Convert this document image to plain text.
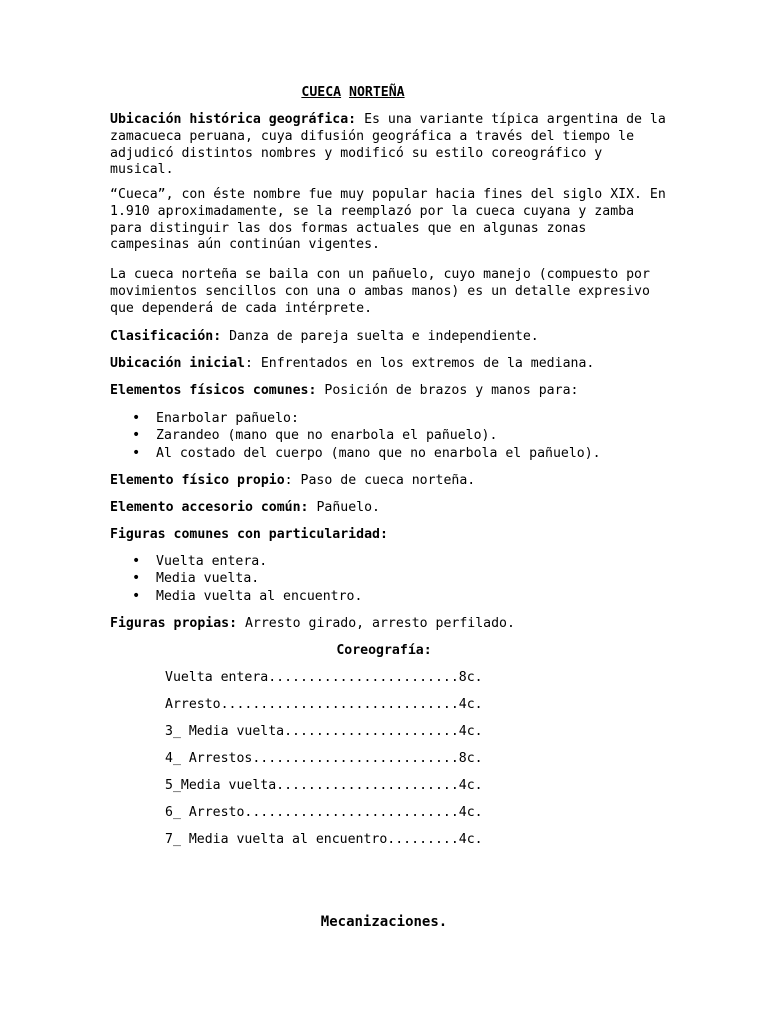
CUECA NORTEÑA
Ubicación histórica geográfica: Es una variante típica argentina de la zamacueca peruana, cuya difusión geográfica a través del tiempo le adjudicó distintos nombres y modificó su estilo coreográfico y musical.
“Cueca”, con éste nombre fue muy popular hacia fines del siglo XIX. En 1.910 aproximadamente, se la reemplazó por la cueca cuyana y zamba para distinguir las dos formas actuales que en algunas zonas campesinas aún continúan vigentes.
La cueca norteña se baila con un pañuelo, cuyo manejo (compuesto por movimientos sencillos con una o ambas manos) es un detalle expresivo que dependerá de cada intérprete.
Clasificación: Danza de pareja suelta e independiente.
Ubicación inicial: Enfrentados en los extremos de la mediana.
Elementos físicos comunes: Posición de brazos y manos para:
• Enarbolar pañuelo:
• Zarandeo (mano que no enarbola el pañuelo).
• Al costado del cuerpo (mano que no enarbola el pañuelo).
Elemento físico propio: Paso de cueca norteña.
Elemento accesorio común: Pañuelo.
Figuras comunes con particularidad:
• Vuelta entera.
• Media vuelta.
• Media vuelta al encuentro.
Figuras propias: Arresto girado, arresto perfilado.
Coreografía:
Vuelta entera........................8c.
Arresto..............................4c.
3_ Media vuelta......................4c.
4_ Arrestos..........................8c.
5_Media vuelta.......................4c.
6_ Arresto...........................4c.
7_ Media vuelta al encuentro.........4c.
Mecanizaciones.
